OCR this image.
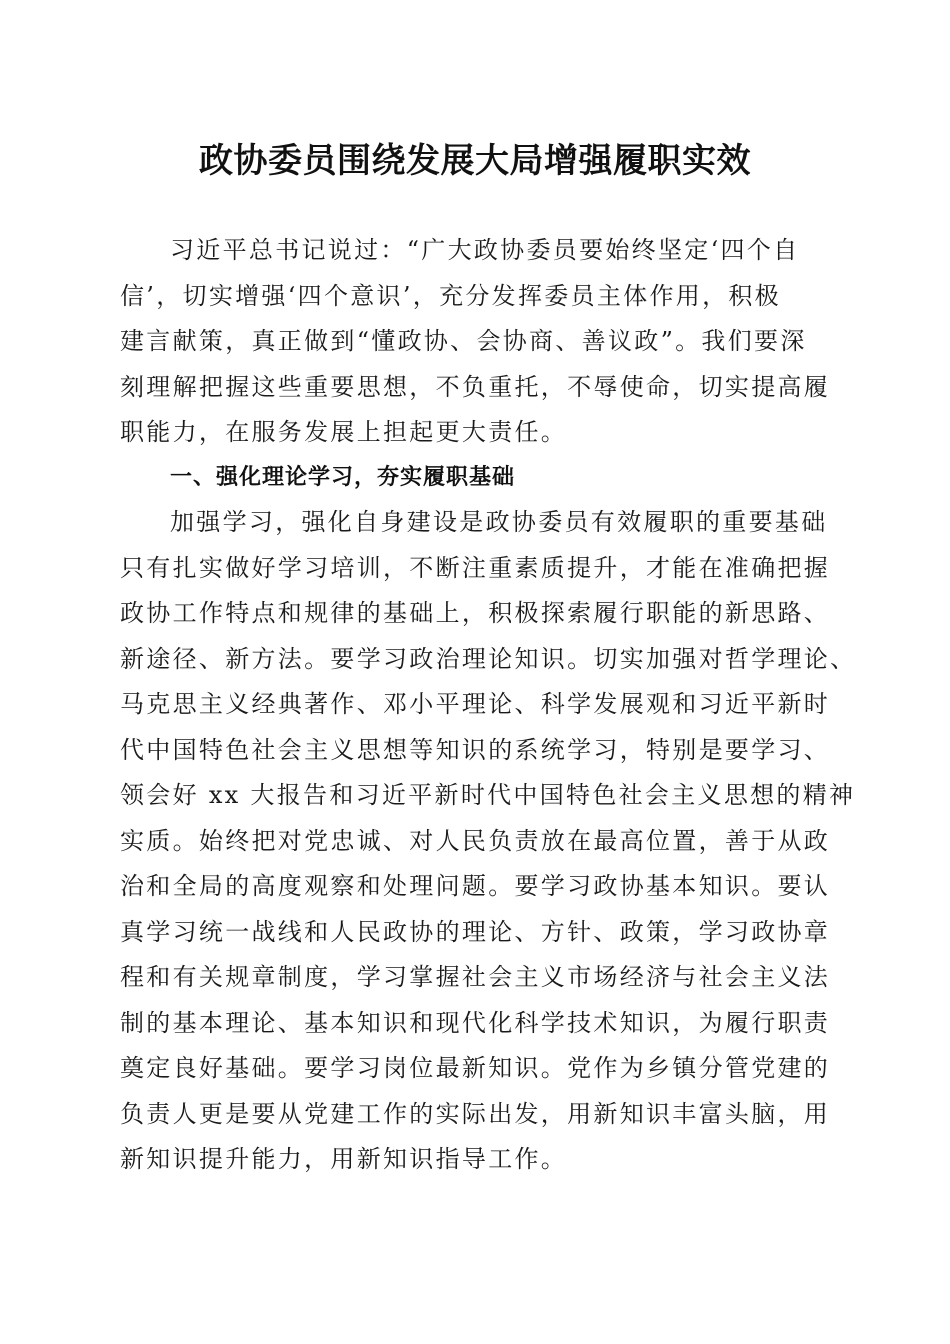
政协委员围绕发展大局增强履职实效
习近平总书记说过：“广大政协委员要始终坚定‘四个自
信’，切实增强‘四个意识’，充分发挥委员主体作用，积极
建言献策，真正做到“懂政协、会协商、善议政”。我们要深
刻理解把握这些重要思想，不负重托，不辱使命，切实提高履
职能力，在服务发展上担起更大责任。
一、强化理论学习，夯实履职基础
加强学习，强化自身建设是政协委员有效履职的重要基础
只有扎实做好学习培训，不断注重素质提升，才能在准确把握
政协工作特点和规律的基础上，积极探索履行职能的新思路、
新途径、新方法。要学习政治理论知识。切实加强对哲学理论、
马克思主义经典著作、邓小平理论、科学发展观和习近平新时
代中国特色社会主义思想等知识的系统学习，特别是要学习、
领会好 xx 大报告和习近平新时代中国特色社会主义思想的精神
实质。始终把对党忠诚、对人民负责放在最高位置，善于从政
治和全局的高度观察和处理问题。要学习政协基本知识。要认
真学习统一战线和人民政协的理论、方针、政策，学习政协章
程和有关规章制度，学习掌握社会主义市场经济与社会主义法
制的基本理论、基本知识和现代化科学技术知识，为履行职责
奠定良好基础。要学习岗位最新知识。党作为乡镇分管党建的
负责人更是要从党建工作的实际出发，用新知识丰富头脑，用
新知识提升能力，用新知识指导工作。
